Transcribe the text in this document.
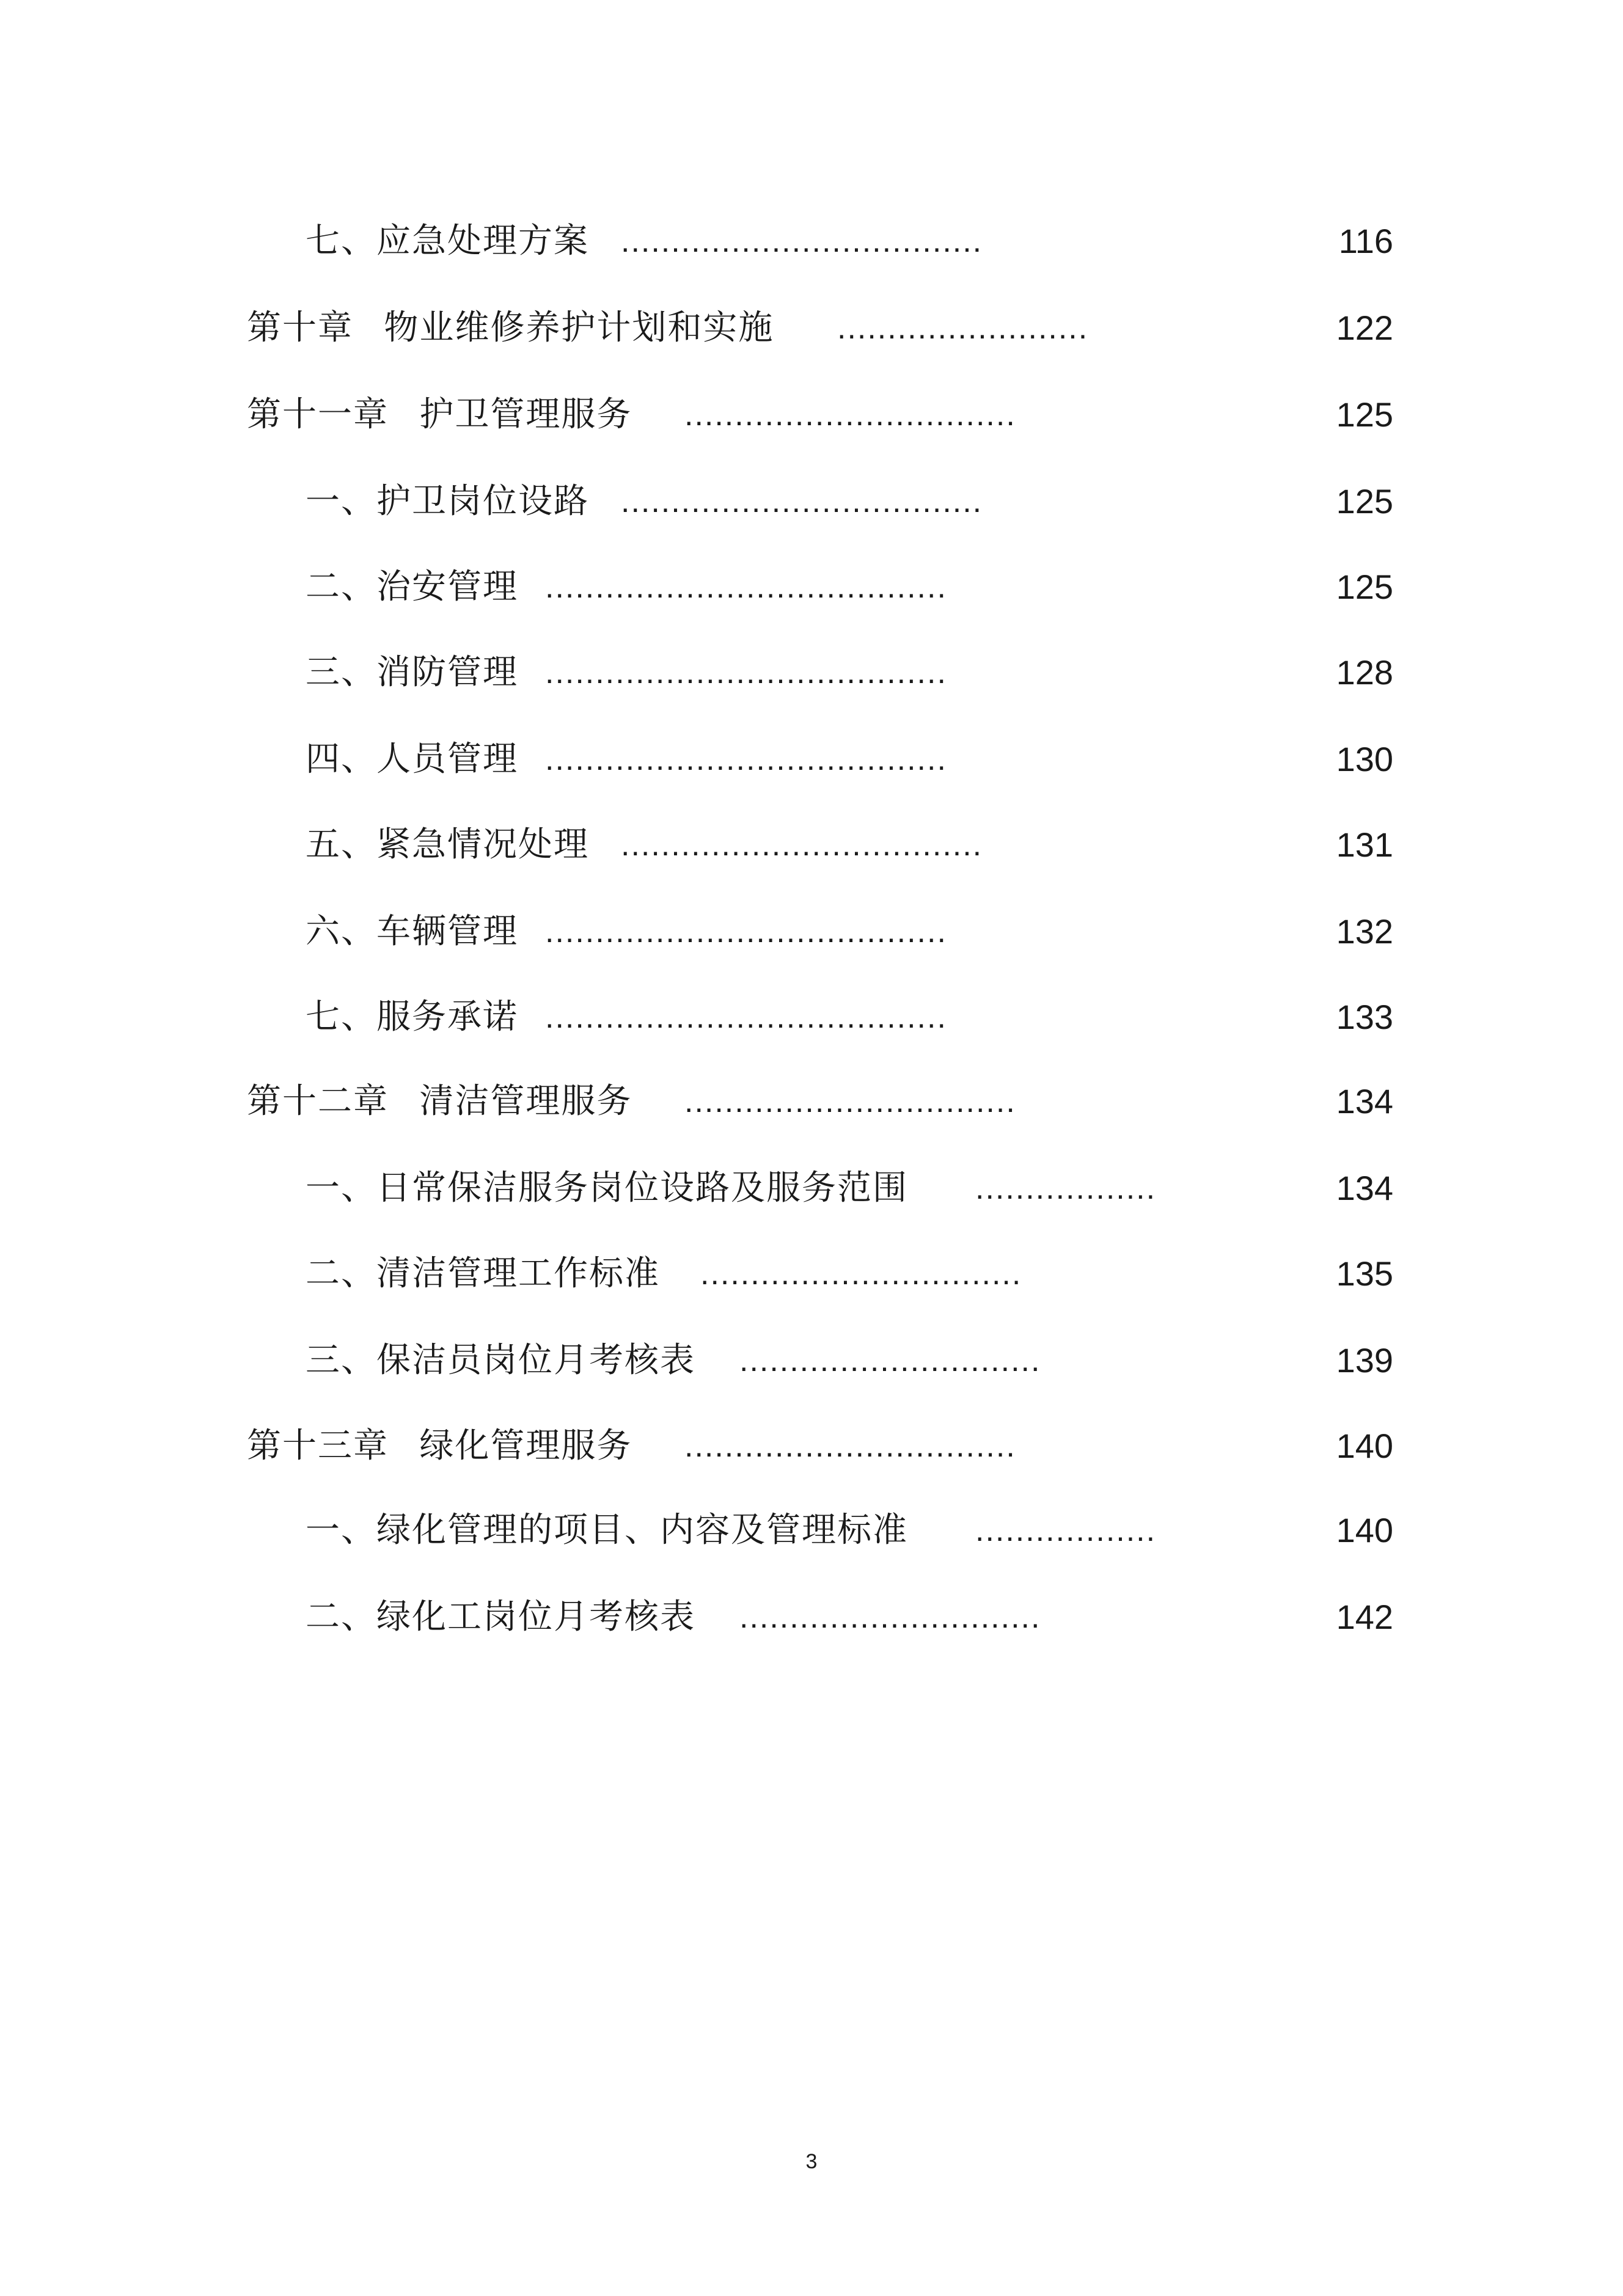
七、应急处理方案 ....................................	116
第十章 物业维修养护计划和实施 .........................	122
第十一章 护卫管理服务 .................................	125
一、护卫岗位设路 ....................................	125
二、治安管理 ........................................	125
三、消防管理 ........................................	128
四、人员管理 ........................................	130
五、紧急情况处理 ....................................	131
六、车辆管理 ........................................	132
七、服务承诺 ........................................	133
第十二章 清洁管理服务 .................................	134
一、日常保洁服务岗位设路及服务范围 ..................	134
二、清洁管理工作标准 ................................	135
三、保洁员岗位月考核表 ..............................	139
第十三章 绿化管理服务 .................................	140
一、绿化管理的项目、内容及管理标准 ..................	140
二、绿化工岗位月考核表 ..............................	142
3
